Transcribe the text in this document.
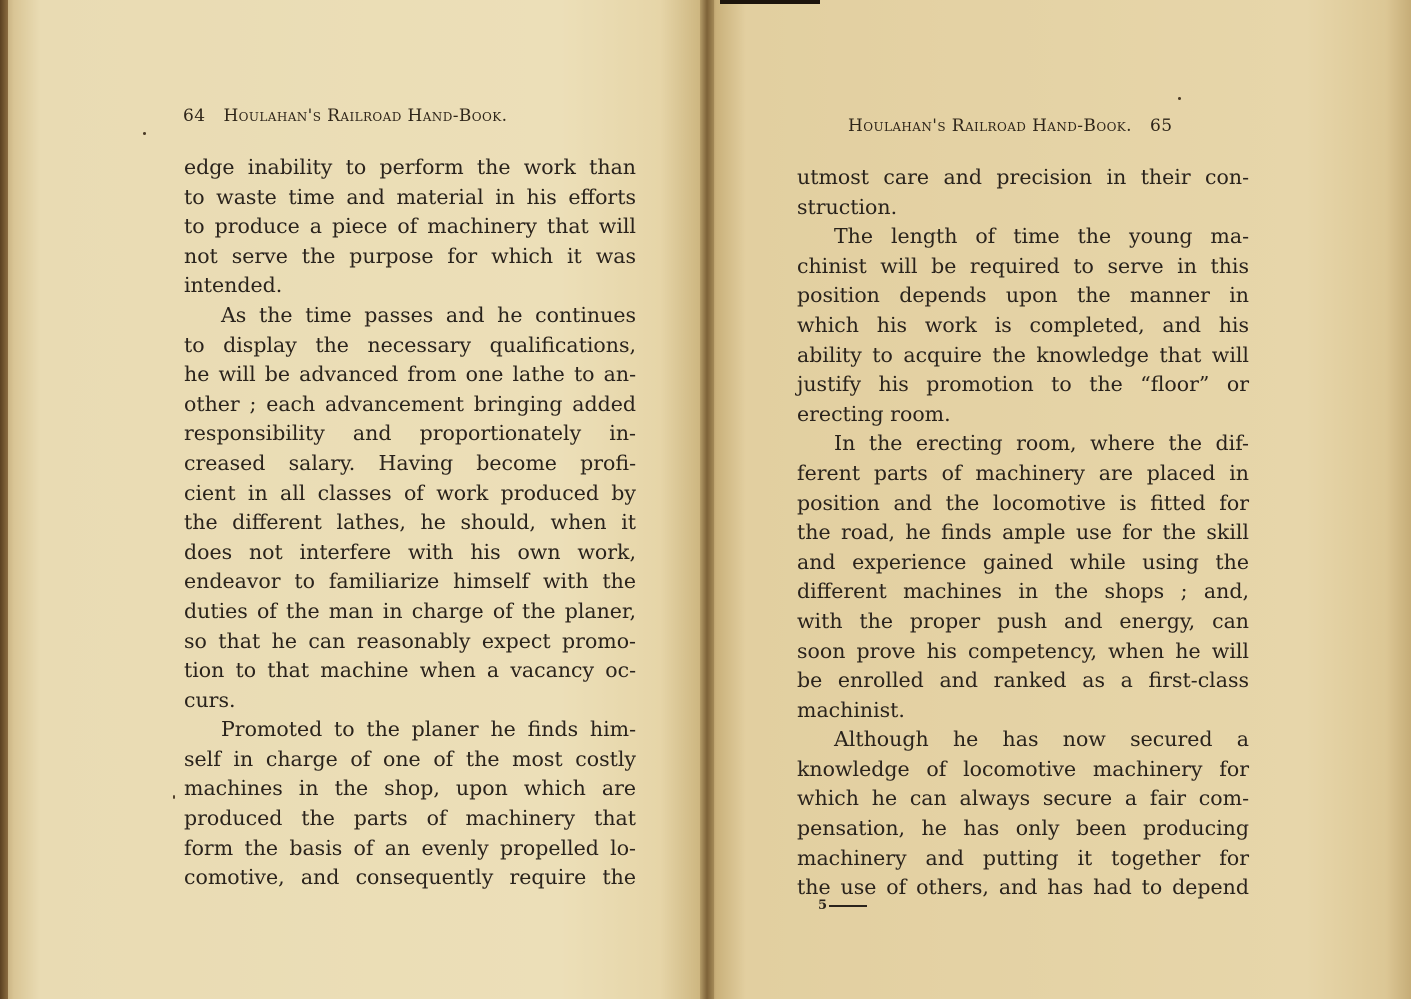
64 Houlahan's Railroad Hand-Book.	Houlahan's Railroad Hand-Book. 65
edge inability to perform the work than
to waste time and material in his efforts
to produce a piece of machinery that will
not serve the purpose for which it was
intended.
As the time passes and he continues
to display the necessary qualifications,
he will be advanced from one lathe to an-
other ; each advancement bringing added
responsibility and proportionately in-
creased salary. Having become profi-
cient in all classes of work produced by
the different lathes, he should, when it
does not interfere with his own work,
endeavor to familiarize himself with the
duties of the man in charge of the planer,
so that he can reasonably expect promo-
tion to that machine when a vacancy oc-
curs.
Promoted to the planer he finds him-
self in charge of one of the most costly
machines in the shop, upon which are
produced the parts of machinery that
form the basis of an evenly propelled lo-
comotive, and consequently require the
utmost care and precision in their con-
struction.
The length of time the young ma-
chinist will be required to serve in this
position depends upon the manner in
which his work is completed, and his
ability to acquire the knowledge that will
justify his promotion to the “floor” or
erecting room.
In the erecting room, where the dif-
ferent parts of machinery are placed in
position and the locomotive is fitted for
the road, he finds ample use for the skill
and experience gained while using the
different machines in the shops ; and,
with the proper push and energy, can
soon prove his competency, when he will
be enrolled and ranked as a first-class
machinist.
Although he has now secured a
knowledge of locomotive machinery for
which he can always secure a fair com-
pensation, he has only been producing
machinery and putting it together for
the use of others, and has had to depend
5
